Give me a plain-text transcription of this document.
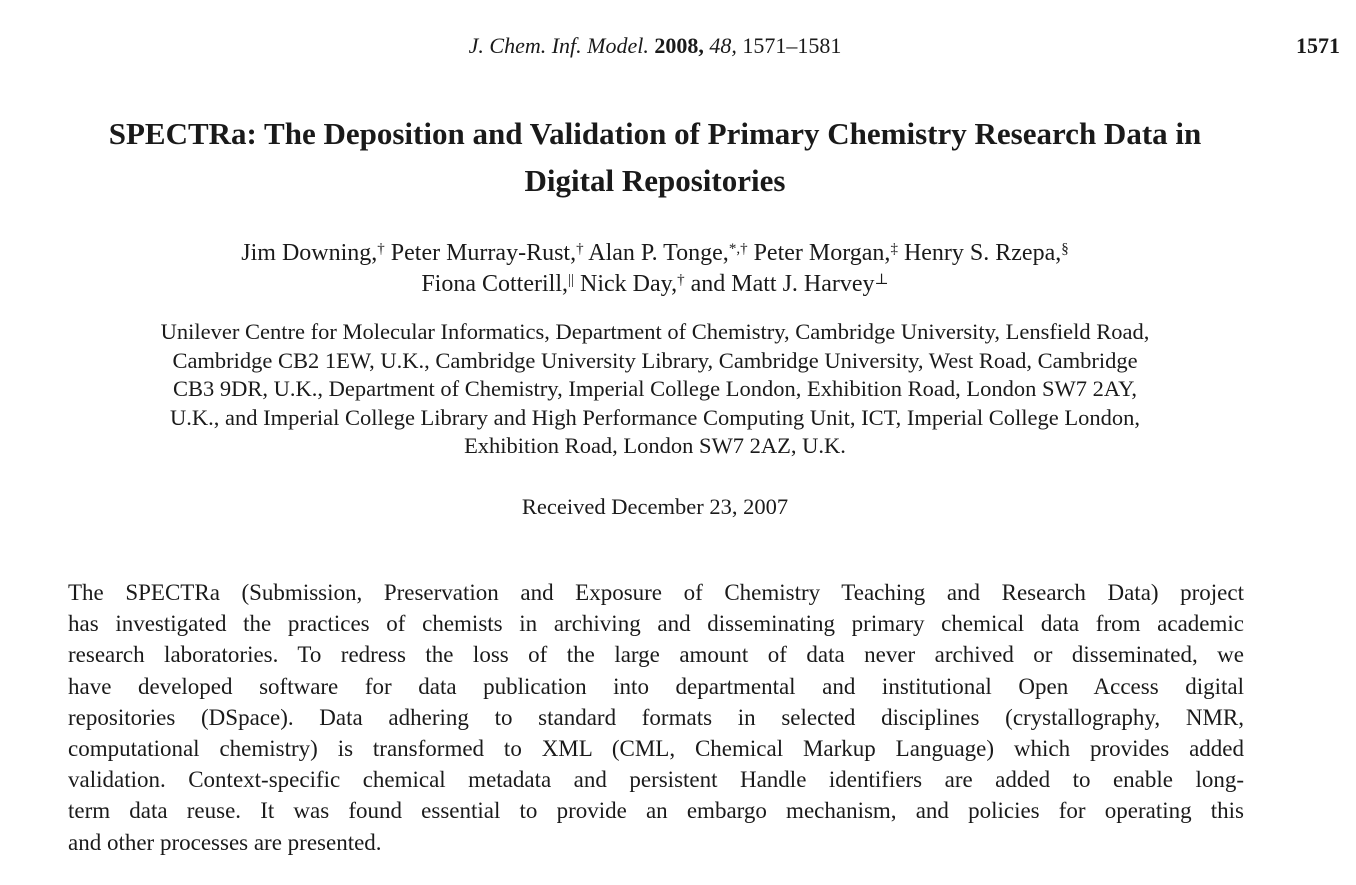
J. Chem. Inf. Model. 2008, 48, 1571–1581	1571
SPECTRa: The Deposition and Validation of Primary Chemistry Research Data in
Digital Repositories
Jim Downing,† Peter Murray-Rust,† Alan P. Tonge,*,† Peter Morgan,‡ Henry S. Rzepa,§
Fiona Cotterill,|| Nick Day,† and Matt J. Harvey⊥
Unilever Centre for Molecular Informatics, Department of Chemistry, Cambridge University, Lensfield Road,
Cambridge CB2 1EW, U.K., Cambridge University Library, Cambridge University, West Road, Cambridge
CB3 9DR, U.K., Department of Chemistry, Imperial College London, Exhibition Road, London SW7 2AY,
U.K., and Imperial College Library and High Performance Computing Unit, ICT, Imperial College London,
Exhibition Road, London SW7 2AZ, U.K.
Received December 23, 2007
The SPECTRa (Submission, Preservation and Exposure of Chemistry Teaching and Research Data) project
has investigated the practices of chemists in archiving and disseminating primary chemical data from academic
research laboratories. To redress the loss of the large amount of data never archived or disseminated, we
have developed software for data publication into departmental and institutional Open Access digital
repositories (DSpace). Data adhering to standard formats in selected disciplines (crystallography, NMR,
computational chemistry) is transformed to XML (CML, Chemical Markup Language) which provides added
validation. Context-specific chemical metadata and persistent Handle identifiers are added to enable long-
term data reuse. It was found essential to provide an embargo mechanism, and policies for operating this
and other processes are presented.
